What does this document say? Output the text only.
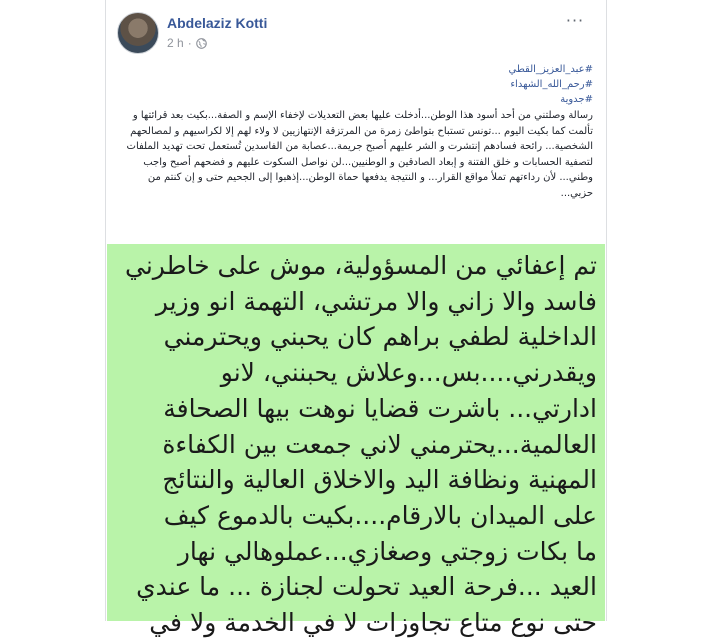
Abdelaziz Kotti
2 h ·
···
#عبد_العزيز_القطي
#رحم_الله_الشهداء
#جدوية
رسالة وصلتني من أحد أسود هذا الوطن...أدخلت عليها بعض التعديلات لإخفاء الإسم و الصفة...بكيت بعد قرائتها و تألمت كما بكيت اليوم ...تونس تستباح بتواطئ زمرة من المرتزقة الإنتهازيين لا ولاء لهم إلا لكراسيهم و لمصالحهم الشخصية... رائحة فسادهم إنتشرت و الشر عليهم أصبح جريمة...عصابة من الفاسدين تُستعمل تحت تهديد الملفات لتصفية الحسابات و خلق الفتنة و إبعاد الصادقين و الوطنيين...لن نواصل السكوت عليهم و فضحهم أصبح واجب وطني... لأن رداءتهم تملأ مواقع القرار... و النتيجة يدفعها حماة الوطن...إذهبوا إلى الجحيم حتى و إن كنتم من حزبي...
تم إعفائي من المسؤولية، موش على خاطرني
فاسد والا زاني والا مرتشي، التهمة انو وزير
الداخلية لطفي براهم كان يحبني ويحترمني
ويقدرني....بس...وعلاش يحبنني، لانو
ادارتي... باشرت قضايا نوهت بيها الصحافة
العالمية...يحترمني لاني جمعت بين الكفاءة
المهنية ونظافة اليد والاخلاق العالية والنتائج
على الميدان بالارقام....بكيت بالدموع كيف
ما بكات زوجتي وصغازي...عملوهالي نهار
العيد ...فرحة العيد تحولت لجنازة ... ما عندي
حتى نوع متاع تجاوزات لا في الخدمة ولا في
